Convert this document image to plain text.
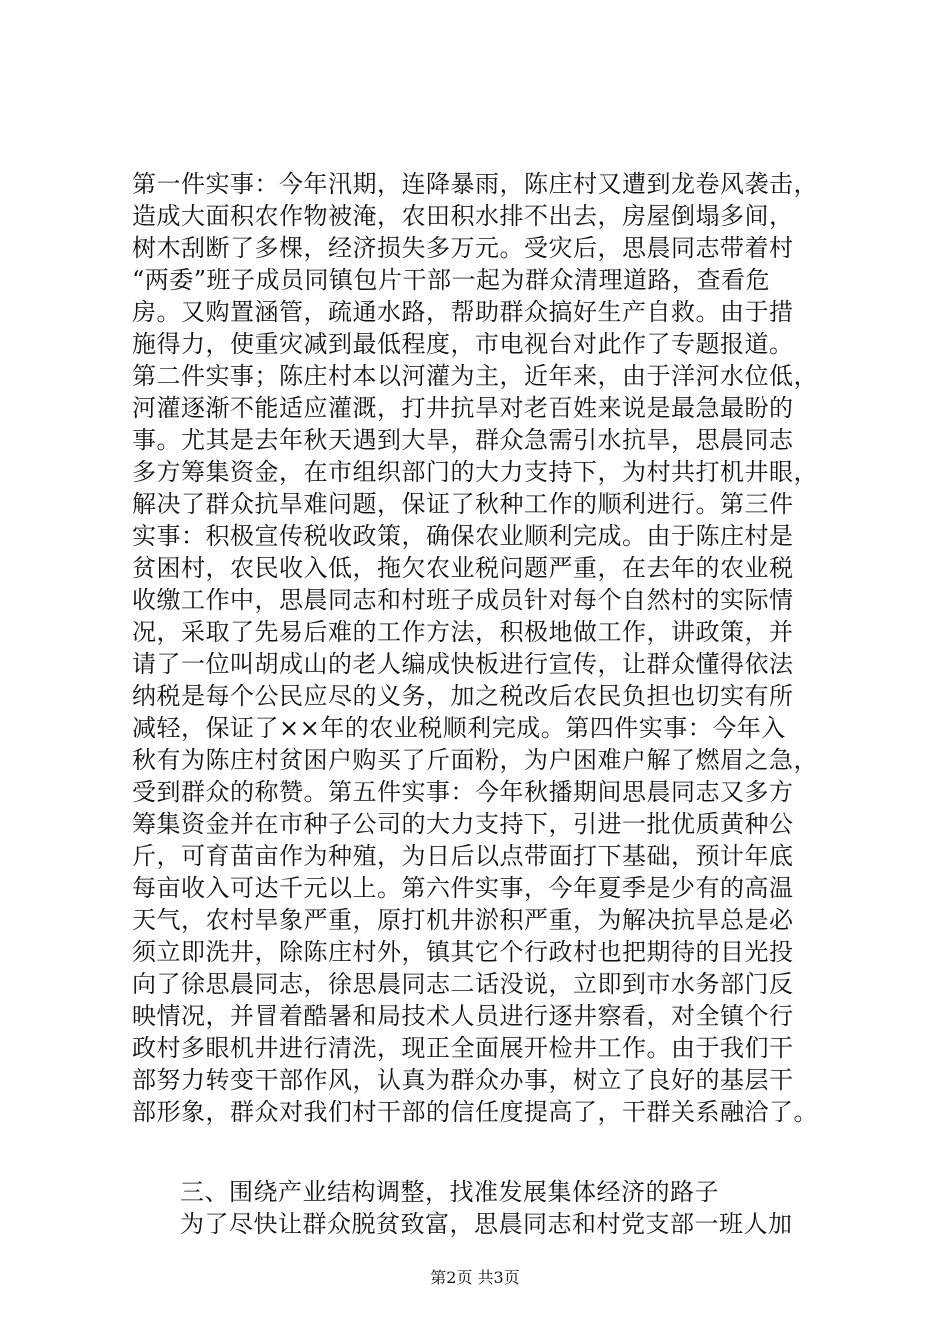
第一件实事：今年汛期，连降暴雨，陈庄村又遭到龙卷风袭击，
造成大面积农作物被淹，农田积水排不出去，房屋倒塌多间，
树木刮断了多棵，经济损失多万元。受灾后，思晨同志带着村
“两委”班子成员同镇包片干部一起为群众清理道路，查看危
房。又购置涵管，疏通水路，帮助群众搞好生产自救。由于措
施得力，使重灾减到最低程度，市电视台对此作了专题报道。
第二件实事；陈庄村本以河灌为主，近年来，由于洋河水位低，
河灌逐渐不能适应灌溉，打井抗旱对老百姓来说是最急最盼的
事。尤其是去年秋天遇到大旱，群众急需引水抗旱，思晨同志
多方筹集资金，在市组织部门的大力支持下，为村共打机井眼，
解决了群众抗旱难问题，保证了秋种工作的顺利进行。第三件
实事：积极宣传税收政策，确保农业顺利完成。由于陈庄村是
贫困村，农民收入低，拖欠农业税问题严重，在去年的农业税
收缴工作中，思晨同志和村班子成员针对每个自然村的实际情
况，采取了先易后难的工作方法，积极地做工作，讲政策，并
请了一位叫胡成山的老人编成快板进行宣传，让群众懂得依法
纳税是每个公民应尽的义务，加之税改后农民负担也切实有所
减轻，保证了××年的农业税顺利完成。第四件实事：今年入
秋有为陈庄村贫困户购买了斤面粉，为户困难户解了燃眉之急，
受到群众的称赞。第五件实事：今年秋播期间思晨同志又多方
筹集资金并在市种子公司的大力支持下，引进一批优质黄种公
斤，可育苗亩作为种殖，为日后以点带面打下基础，预计年底
每亩收入可达千元以上。第六件实事，今年夏季是少有的高温
天气，农村旱象严重，原打机井淤积严重，为解决抗旱总是必
须立即洗井，除陈庄村外，镇其它个行政村也把期待的目光投
向了徐思晨同志，徐思晨同志二话没说，立即到市水务部门反
映情况，并冒着酷暑和局技术人员进行逐井察看，对全镇个行
政村多眼机井进行清洗，现正全面展开检井工作。由于我们干
部努力转变干部作风，认真为群众办事，树立了良好的基层干
部形象，群众对我们村干部的信任度提高了，干群关系融洽了。
三、围绕产业结构调整，找准发展集体经济的路子
为了尽快让群众脱贫致富，思晨同志和村党支部一班人加
第2页 共3页
